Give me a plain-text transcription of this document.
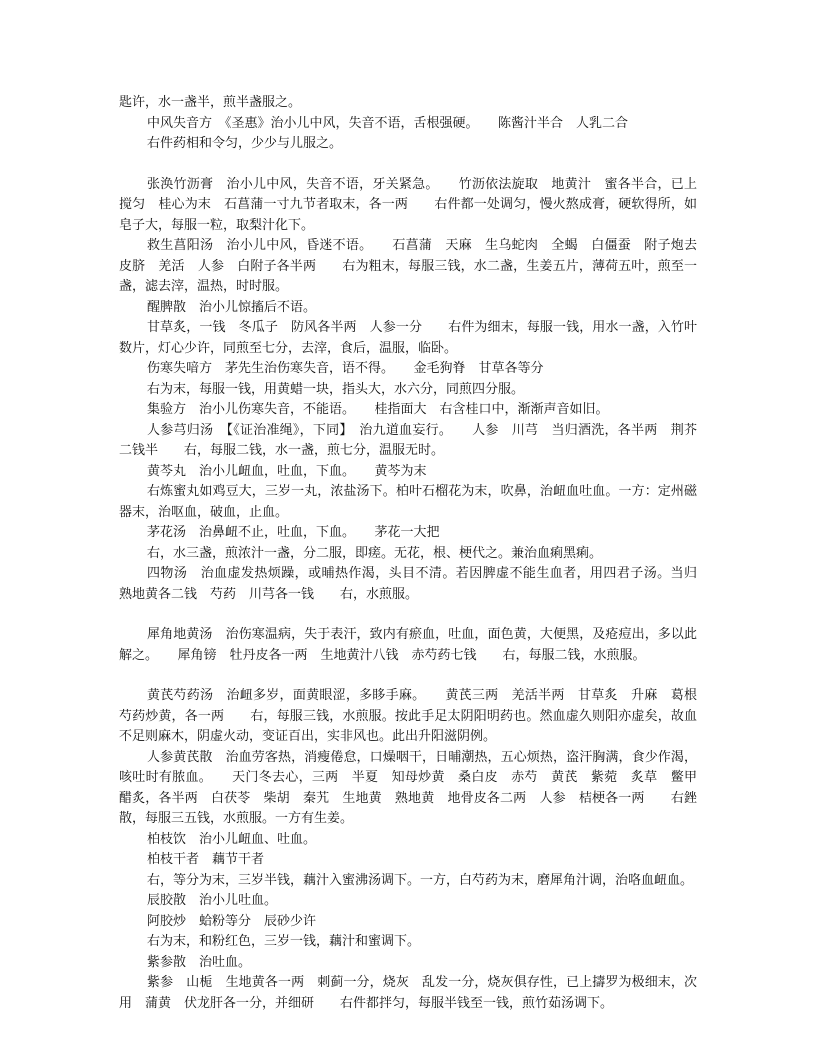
匙许，水一盏半，煎半盏服之。
中风失音方　《圣惠》治小儿中风，失音不语，舌根强硬。　　陈酱汁半合　人乳二合
右件药相和令匀，少少与儿服之。
张涣竹沥膏　治小儿中风，失音不语，牙关紧急。　　竹沥依法旋取　地黄汁　蜜各半合，已上搅匀　桂心为末　石菖蒲一寸九节者取末，各一两　　右件都一处调匀，慢火熬成膏，硬软得所，如皂子大，每服一粒，取梨汁化下。
救生菖阳汤　治小儿中风，昏迷不语。　　石菖蒲　天麻　生乌蛇肉　全蝎　白僵蚕　附子炮去皮脐　羌活　人参　白附子各半两　　右为粗末，每服三钱，水二盏，生姜五片，薄荷五叶，煎至一盏，滤去滓，温热，时时服。
醒脾散　治小儿惊搐后不语。
甘草炙，一钱　冬瓜子　防风各半两　人参一分　　右件为细末，每服一钱，用水一盏，入竹叶数片，灯心少许，同煎至七分，去滓，食后，温服，临卧。
伤寒失喑方　茅先生治伤寒失音，语不得。　　金毛狗脊　甘草各等分
右为末，每服一钱，用黄蜡一块，指头大，水六分，同煎四分服。
集验方　治小儿伤寒失音，不能语。　　桂指面大　右含桂口中，渐渐声音如旧。
人参芎归汤　【《证治准绳》，下同】　治九道血妄行。　　人参　川芎　当归酒洗，各半两　荆芥二钱半　　右，每服二钱，水一盏，煎七分，温服无时。
黄芩丸　治小儿衄血，吐血，下血。　　黄芩为末
右炼蜜丸如鸡豆大，三岁一丸，浓盐汤下。柏叶石榴花为末，吹鼻，治衄血吐血。一方：定州磁器末，治呕血，破血，止血。
茅花汤　治鼻衄不止，吐血，下血。　　茅花一大把
右，水三盏，煎浓汁一盏，分二服，即瘥。无花，根、梗代之。兼治血痢黑痢。
四物汤　治血虚发热烦躁，或晡热作渴，头目不清。若因脾虚不能生血者，用四君子汤。当归　熟地黄各二钱　芍药　川芎各一钱　　右，水煎服。
犀角地黄汤　治伤寒温病，失于表汗，致内有瘀血，吐血，面色黄，大便黑，及疮痘出，多以此解之。　　犀角镑　牡丹皮各一两　生地黄汁八钱　赤芍药七钱　　右，每服二钱，水煎服。
黄芪芍药汤　治衄多岁，面黄眼涩，多眵手麻。　　黄芪三两　羌活半两　甘草炙　升麻　葛根　芍药炒黄，各一两　　右，每服三钱，水煎服。按此手足太阴阳明药也。然血虚久则阳亦虚矣，故血不足则麻木，阴虚火动，变证百出，实非风也。此出升阳滋阴例。
人参黄芪散　治血劳客热，消瘦倦怠，口燥咽干，日晡潮热，五心烦热，盗汗胸满，食少作渴，咳吐时有脓血。　　天门冬去心，三两　半夏　知母炒黄　桑白皮　赤芍　黄芪　紫菀　炙草　鳖甲醋炙，各半两　白茯苓　柴胡　秦艽　生地黄　熟地黄　地骨皮各二两　人参　桔梗各一两　　右銼散，每服三五钱，水煎服。一方有生姜。
柏枝饮　治小儿衄血、吐血。
柏枝干者　藕节干者
右，等分为末，三岁半钱，藕汁入蜜沸汤调下。一方，白芍药为末，磨犀角汁调，治咯血衄血。
辰胶散　治小儿吐血。
阿胶炒　蛤粉等分　辰砂少许
右为末，和粉红色，三岁一钱，藕汁和蜜调下。
紫参散　治吐血。
紫参　山栀　生地黄各一两　刺蓟一分，烧灰　乱发一分，烧灰俱存性，已上擣罗为极细末，次用　蒲黄　伏龙肝各一分，并细研　　右件都拌匀，每服半钱至一钱，煎竹茹汤调下。
